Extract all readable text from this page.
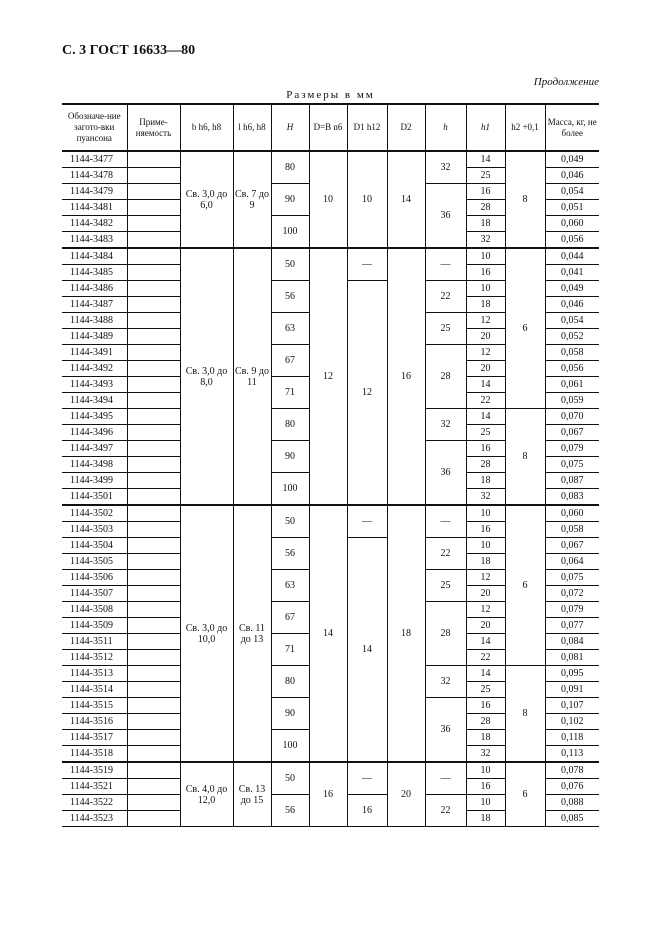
С. 3 ГОСТ 16633—80
Продолжение
Размеры в мм
Обозначе-ние загото-вки пуансона	Приме-няемость	b h6, h8	l h6, h8	H	D=B n6	D1 h12	D2	h	h1	h2 +0,1	Масса, кг, не более
1144-3477		Св. 3,0 до 6,0	Св. 7 до 9	80	10	10	14	32	14	8	0,049
1144-3478									25		0,046
1144-3479				90				36	16		0,054
1144-3481									28		0,051
1144-3482				100					18		0,060
1144-3483									32		0,056
1144-3484		Св. 3,0 до 8,0	Св. 9 до 11	50	12	—	16	—	10	6	0,044
1144-3485									16		0,041
1144-3486				56		12		22	10		0,049
1144-3487									18		0,046
1144-3488				63				25	12		0,054
1144-3489									20		0,052
1144-3491				67				28	12		0,058
1144-3492									20		0,056
1144-3493				71					14		0,061
1144-3494									22		0,059
1144-3495				80				32	14	8	0,070
1144-3496									25		0,067
1144-3497				90				36	16		0,079
1144-3498									28		0,075
1144-3499				100					18		0,087
1144-3501									32		0,083
1144-3502		Св. 3,0 до 10,0	Св. 11 до 13	50	14	—	18	—	10	6	0,060
1144-3503									16		0,058
1144-3504				56		14		22	10		0,067
1144-3505									18		0,064
1144-3506				63				25	12		0,075
1144-3507									20		0,072
1144-3508				67				28	12		0,079
1144-3509									20		0,077
1144-3511				71					14		0,084
1144-3512									22		0,081
1144-3513				80				32	14	8	0,095
1144-3514									25		0,091
1144-3515				90				36	16		0,107
1144-3516									28		0,102
1144-3517				100					18		0,118
1144-3518									32		0,113
1144-3519		Св. 4,0 до 12,0	Св. 13 до 15	50	16	—	20	—	10	6	0,078
1144-3521									16		0,076
1144-3522				56		16		22	10		0,088
1144-3523									18		0,085
